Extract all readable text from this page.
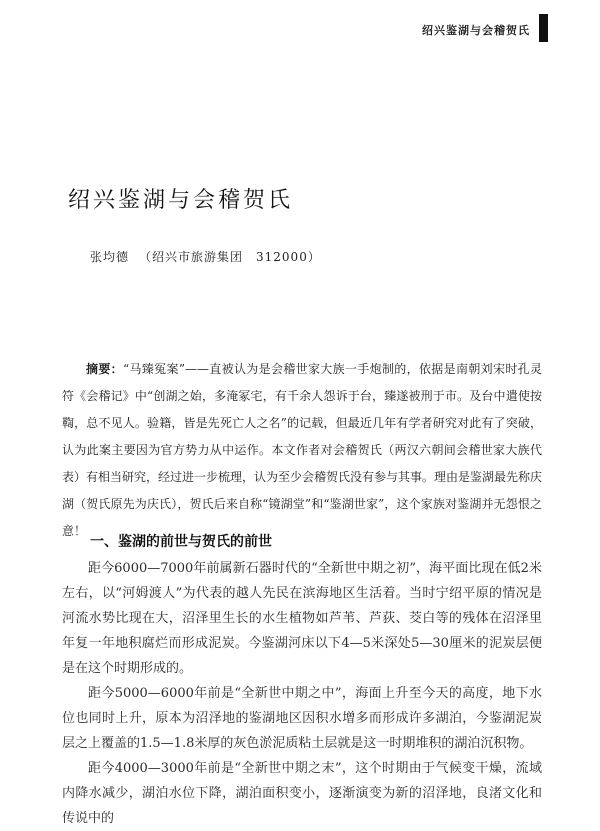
绍兴鉴湖与会稽贺氏
绍兴鉴湖与会稽贺氏
张均德 （绍兴市旅游集团　312000）

摘要：“马臻冤案”——直被认为是会稽世家大族一手炮制的，依据是南朝刘宋时孔灵符《会稽记》中“创湖之始，多淹冢宅，有千余人怨诉于台，臻遂被刑于市。及台中遣使按鞫，总不见人。验籍，皆是先死亡人之名”的记载，但最近几年有学者研究对此有了突破，认为此案主要因为官方势力从中运作。本文作者对会稽贺氏（两汉六朝间会稽世家大族代表）有相当研究，经过进一步梳理，认为至少会稽贺氏没有参与其事。理由是鉴湖最先称庆湖（贺氏原先为庆氏），贺氏后来自称“镜湖堂”和“鉴湖世家”，这个家族对鉴湖并无怨恨之意！

一、鉴湖的前世与贺氏的前世

距今6000—7000年前属新石器时代的“全新世中期之初”，海平面比现在低2米左右，以“河姆渡人”为代表的越人先民在滨海地区生活着。当时宁绍平原的情况是河流水势比现在大，沼泽里生长的水生植物如芦苇、芦荻、茭白等的残体在沼泽里年复一年地积腐烂而形成泥炭。今鉴湖河床以下4—5米深处5—30厘米的泥炭层便是在这个时期形成的。

距今5000—6000年前是“全新世中期之中”，海面上升至今天的高度，地下水位也同时上升，原本为沼泽地的鉴湖地区因积水增多而形成许多湖泊，今鉴湖泥炭层之上覆盖的1.5—1.8米厚的灰色淤泥质粘土层就是这一时期堆积的湖泊沉积物。

距今4000—3000年前是“全新世中期之末”，这个时期由于气候变干燥，流域内降水减少，湖泊水位下降，湖泊面积变小，逐渐演变为新的沼泽地，良渚文化和传说中的
